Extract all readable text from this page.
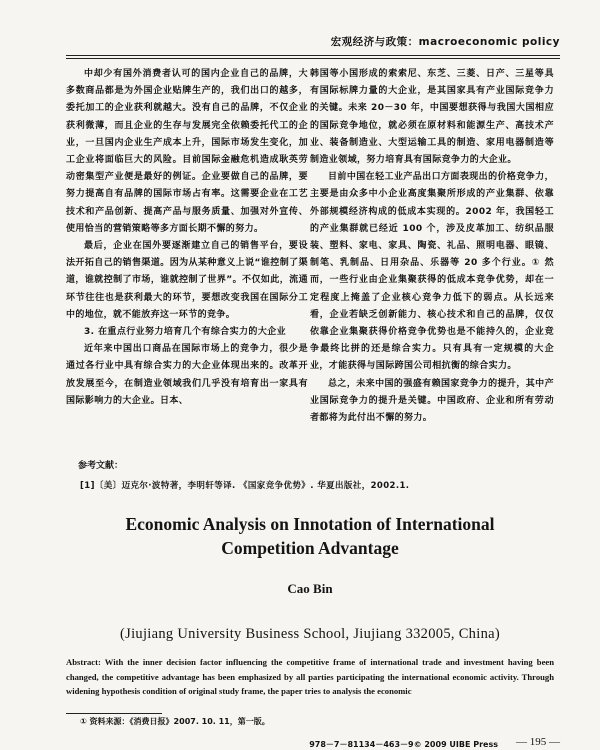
宏观经济与政策：macroeconomic policy

中却少有国外消费者认可的国内企业自己的品牌，大多数商品都是为外国企业贴牌生产的，我们出口的越多，委托加工的企业获利就越大。没有自己的品牌，不仅企业获利微薄，而且企业的生存与发展完全依赖委托代工的企业，一旦国内企业生产成本上升，国际市场发生变化，加工企业将面临巨大的风险。目前国际金融危机造成耿英劳动密集型产业便是最好的例证。企业要做自己的品牌，要努力提高自有品牌的国际市场占有率。这需要企业在工艺技术和产品创新、提高产品与服务质量、加强对外宣传、使用恰当的营销策略等多方面长期不懈的努力。

最后，企业在国外要逐渐建立自己的销售平台，要设法开拓自己的销售渠道。因为从某种意义上说“谁控制了渠道，谁就控制了市场，谁就控制了世界”。不仅如此，流通环节往往也是获利最大的环节，要想改变我国在国际分工中的地位，就不能放弃这一环节的竞争。

3. 在重点行业努力培育几个有综合实力的大企业

近年来中国出口商品在国际市场上的竞争力，很少是通过各行业中具有综合实力的大企业体现出来的。改革开放发展至今，在制造业领域我们几乎没有培育出一家具有国际影响力的大企业。日本、

韩国等小国形成的索索尼、东芝、三菱、日产、三星等具有国际标牌力量的大企业，是其国家具有产业国际竞争力的关键。未来 20－30 年，中国要想获得与我国大国相应的国际竞争地位，就必须在原材料和能源生产、高技术产业、装备制造业、大型运输工具的制造、家用电器制造等制造业领域，努力培育具有国际竞争力的大企业。

目前中国在轻工业产品出口方面表现出的价格竞争力，主要是由众多中小企业高度集聚所形成的产业集群、依靠外部规模经济构成的低成本实现的。2002 年，我国轻工的产业集群就已经近 100 个，涉及皮革加工、纺织品服装、塑料、家电、家具、陶瓷、礼品、照明电器、眼镜、制笔、乳制品、日用杂品、乐器等 20 多个行业。① 然而，一些行业由企业集聚获得的低成本竞争优势，却在一定程度上掩盖了企业核心竞争力低下的弱点。从长远来看，企业若缺乏创新能力、核心技术和自己的品牌，仅仅依靠企业集聚获得价格竞争优势也是不能持久的，企业竞争最终比拼的还是综合实力。只有具有一定规模的大企业，才能获得与国际跨国公司相抗衡的综合实力。

总之，未来中国的强盛有赖国家竞争力的提升，其中产业国际竞争力的提升是关键。中国政府、企业和所有劳动者都将为此付出不懈的努力。

参考文献：
[1]〔美〕迈克尔·波特著，李明轩等译. 《国家竞争优势》. 华夏出版社，2002.1.
Economic Analysis on Innotation of International
Competition Advantage
Cao Bin
(Jiujiang University Business School, Jiujiang 332005, China)
Abstract: With the inner decision factor influencing the competitive frame of international trade and investment having been changed, the competitive advantage has been emphasized by all parties participating the international economic activity. Through widening hypothesis condition of original study frame, the paper tries to analysis the economic
① 资料来源：《消费日报》2007. 10. 11，第一版。
978－7－81134－463－9© 2009 UIBE Press — 195 —
